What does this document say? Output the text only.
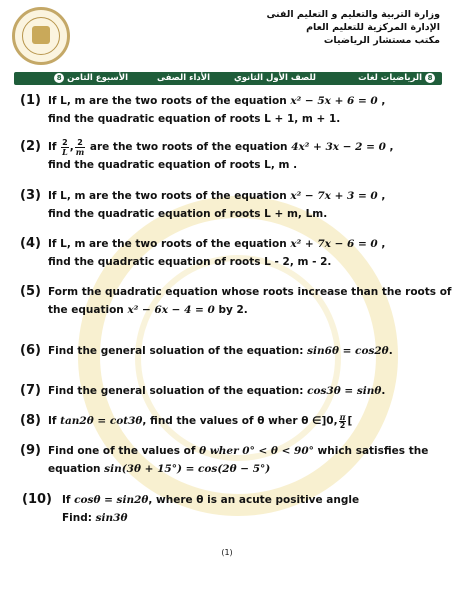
وزارة التربية والتعليم و التعليم الفنى
الإدارة المركزية للتعليم العام
مكتب مستشار الرياضيات
8الرياضيات لغات
للصف الأول الثانوي
الأداء الصفى
الأسبوع الثامن8
(1) If L, m are the two roots of the equation x² − 5x + 6 = 0 ,
find the quadratic equation of roots L + 1, m + 1.
(2) If $\frac{2}{L}$ , $\frac{2}{m}$ are the two roots of the equation 4x² + 3x − 2 = 0 ,
find the quadratic equation of roots L, m .
(3) If L, m are the two roots of the equation x² − 7x + 3 = 0 ,
find the quadratic equation of roots L + m, Lm.
(4) If L, m are the two roots of the equation x² + 7x − 6 = 0 ,
find the quadratic equation of roots L - 2, m - 2.
(5) Form the quadratic equation whose roots increase than the roots of
the equation x² − 6x − 4 = 0 by 2.
(6) Find the general soluation of the equation: sin6θ = cos2θ.
(7) Find the general soluation of the equation: cos3θ = sinθ.
(8) If tan2θ = cot3θ, find the values of θ wher θ ∈]0, $\frac{\pi}{2}$ [
(9) Find one of the values of θ wher 0° < θ < 90° which satisfies the
equation sin(3θ + 15°) = cos(2θ − 5°)
(10) If cosθ = sin2θ, where θ is an acute positive angle
Find: sin3θ
(1)
